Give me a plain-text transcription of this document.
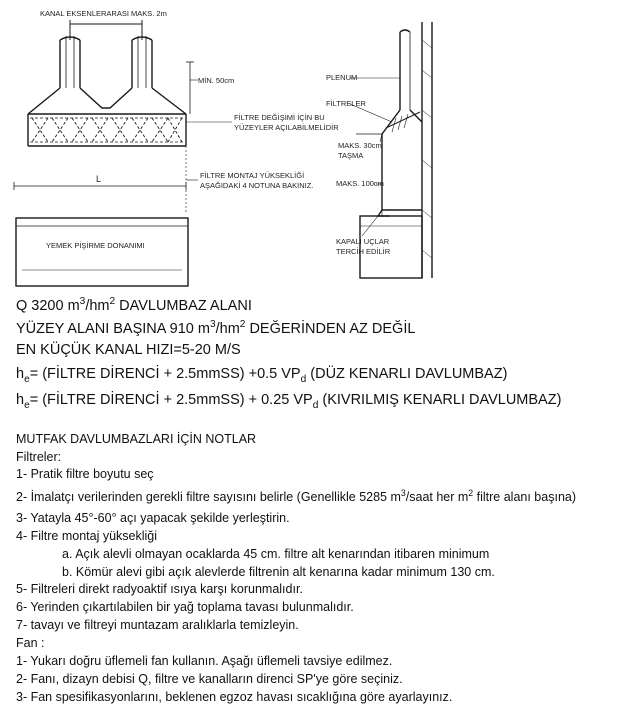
KANAL EKSENLERARASI MAKS. 2m
MİN. 50cm
FİLTRE DEĞİŞİMİ İÇİN BU
YÜZEYLER AÇILABİLMELİDİR
FİLTRE MONTAJ YÜKSEKLİĞİ
AŞAĞIDAKİ 4 NOTUNA BAKINIZ.
L
YEMEK PİŞİRME DONANIMI
PLENUM
FİLTRELER
MAKS. 30cm
TAŞMA
MAKS. 100cm
KAPALI UÇLAR
TERCİH EDİLİR
Q 3200 $m^3/hm^2$ DAVLUMBAZ ALANI
YÜZEY ALANI BAŞINA 910 $m^3/hm^2$ DEĞERİNDEN AZ DEĞİL
EN KÜÇÜK KANAL HIZI=5-20 M/S
$h_e=$ (FİLTRE DİRENCİ + 2.5mmSS) +0.5 $VP_d$ (DÜZ KENARLI DAVLUMBAZ)
$h_e=$ (FİLTRE DİRENCİ + 2.5mmSS) + 0.25 $VP_d$ (KIVRILMIŞ KENARLI DAVLUMBAZ)
MUTFAK DAVLUMBAZLARI İÇİN NOTLAR
Filtreler:
1- Pratik filtre boyutu seç
2- İmalatçı verilerinden gerekli filtre sayısını belirle (Genellikle 5285 $m^3$/saat her $m^2$ filtre alanı başına)
3- Yatayla 45°-60° açı yapacak şekilde yerleştirin.
4- Filtre montaj yüksekliği
a. Açık alevli olmayan ocaklarda 45 cm. filtre alt kenarından itibaren minimum
b. Kömür alevi gibi açık alevlerde filtrenin alt kenarına kadar minimum 130 cm.
5- Filtreleri direkt radyoaktif ısıya karşı korunmalıdır.
6- Yerinden çıkartılabilen bir yağ toplama tavası bulunmalıdır.
7- tavayı ve filtreyi muntazam aralıklarla temizleyin.
Fan :
1- Yukarı doğru üflemeli fan kullanın. Aşağı üflemeli tavsiye edilmez.
2- Fanı, dizayn debisi Q, filtre ve kanalların direnci SP'ye göre seçiniz.
3- Fan spesifikasyonlarını, beklenen egzoz havası sıcaklığına göre ayarlayınız.
